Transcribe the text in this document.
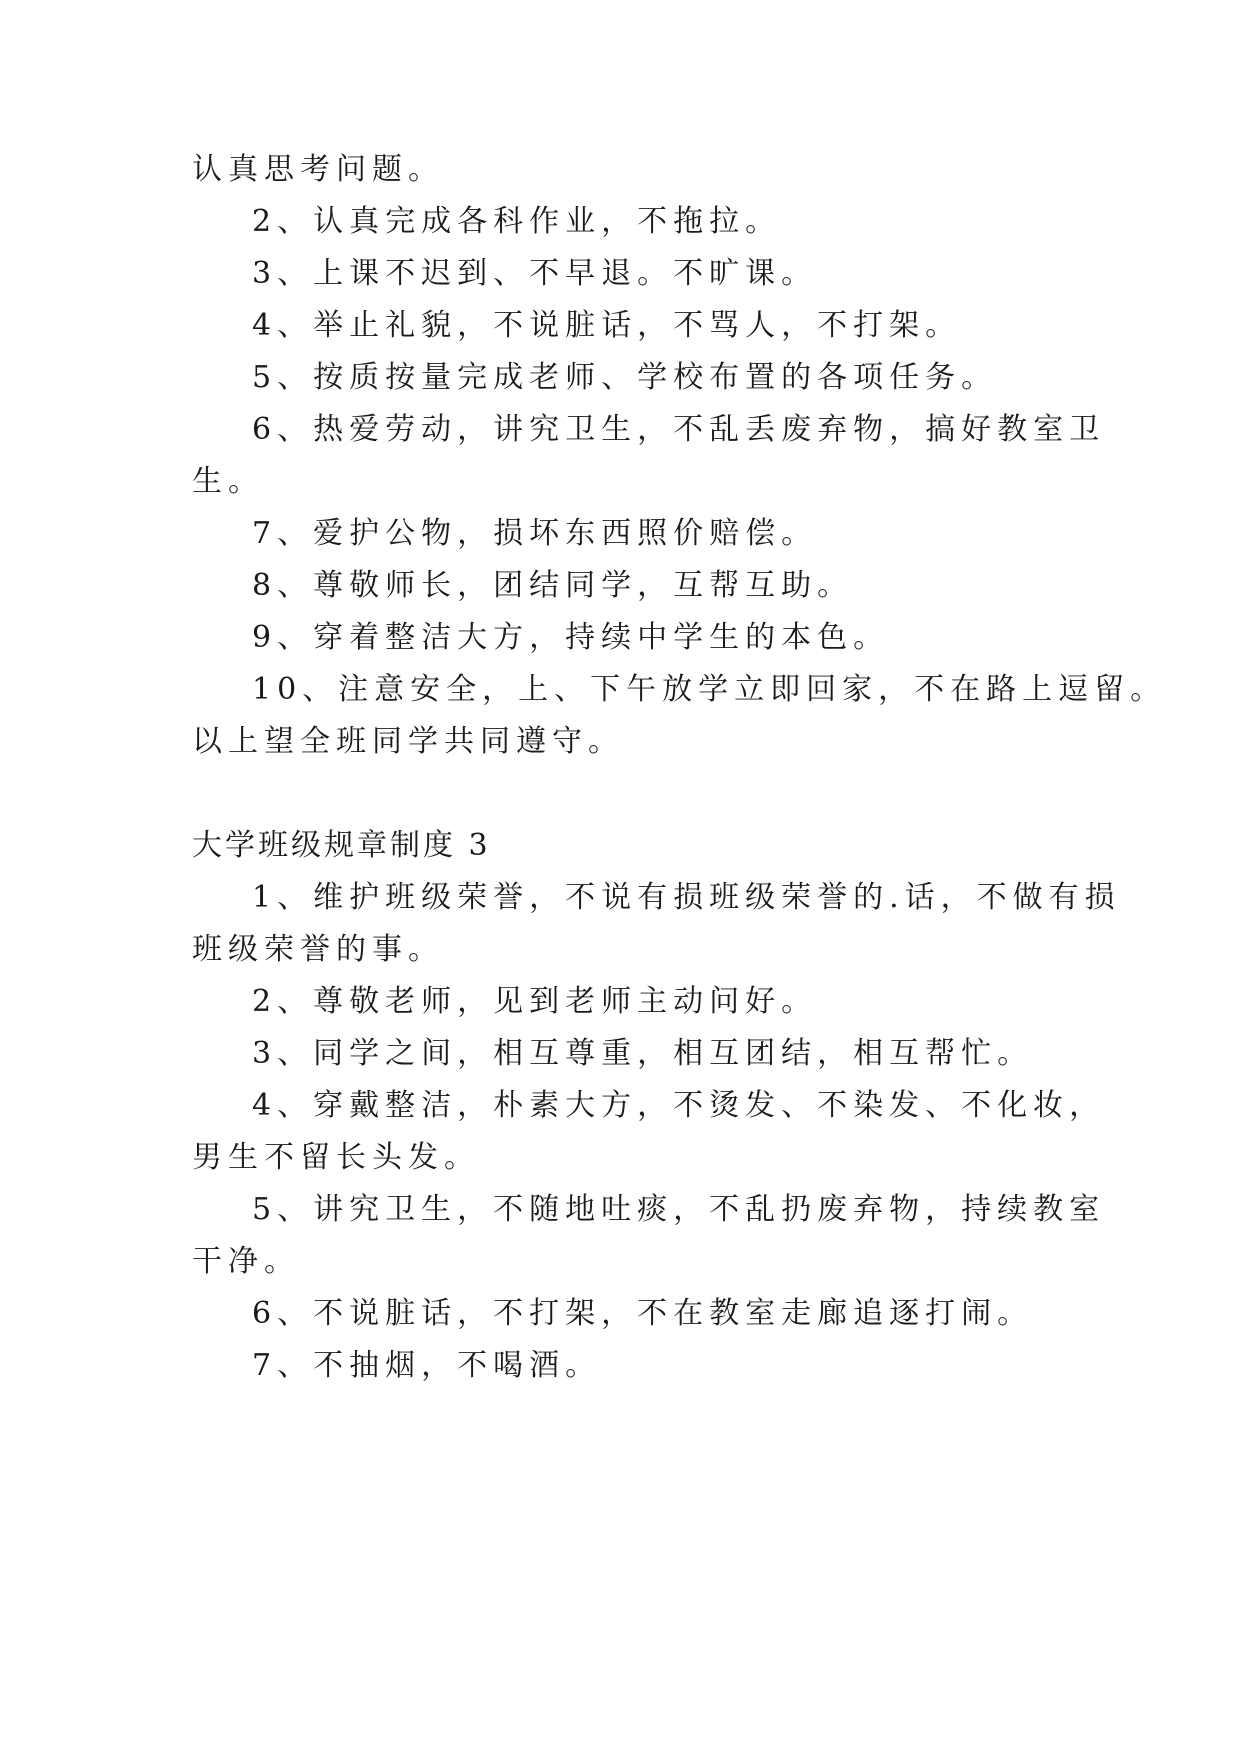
认真思考问题。
2、认真完成各科作业，不拖拉。
3、上课不迟到、不早退。不旷课。
4、举止礼貌，不说脏话，不骂人，不打架。
5、按质按量完成老师、学校布置的各项任务。
6、热爱劳动，讲究卫生，不乱丢废弃物，搞好教室卫
生。
7、爱护公物，损坏东西照价赔偿。
8、尊敬师长，团结同学，互帮互助。
9、穿着整洁大方，持续中学生的本色。
10、注意安全，上、下午放学立即回家，不在路上逗留。
以上望全班同学共同遵守。
大学班级规章制度 3
1、维护班级荣誉，不说有损班级荣誉的.话，不做有损
班级荣誉的事。
2、尊敬老师，见到老师主动问好。
3、同学之间，相互尊重，相互团结，相互帮忙。
4、穿戴整洁，朴素大方，不烫发、不染发、不化妆，
男生不留长头发。
5、讲究卫生，不随地吐痰，不乱扔废弃物，持续教室
干净。
6、不说脏话，不打架，不在教室走廊追逐打闹。
7、不抽烟，不喝酒。
